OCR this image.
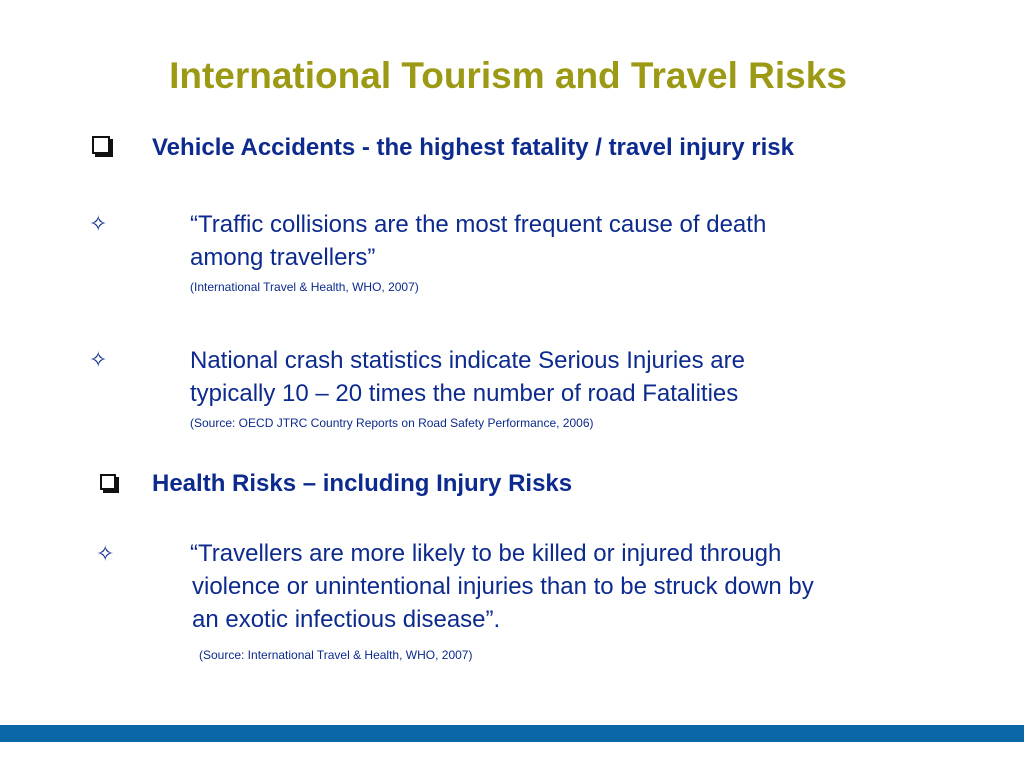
International Tourism and Travel Risks
Vehicle Accidents - the highest fatality / travel injury risk
✧	“Traffic collisions are the most frequent cause of death
among travellers”
(International Travel & Health, WHO, 2007)
✧	National crash statistics indicate Serious Injuries are
typically 10 – 20 times the number of road Fatalities
(Source: OECD JTRC Country Reports on Road Safety Performance, 2006)
Health Risks – including Injury Risks
✧	“Travellers are more likely to be killed or injured through
violence or unintentional injuries than to be struck down by
an exotic infectious disease”.
(Source: International Travel & Health, WHO, 2007)
